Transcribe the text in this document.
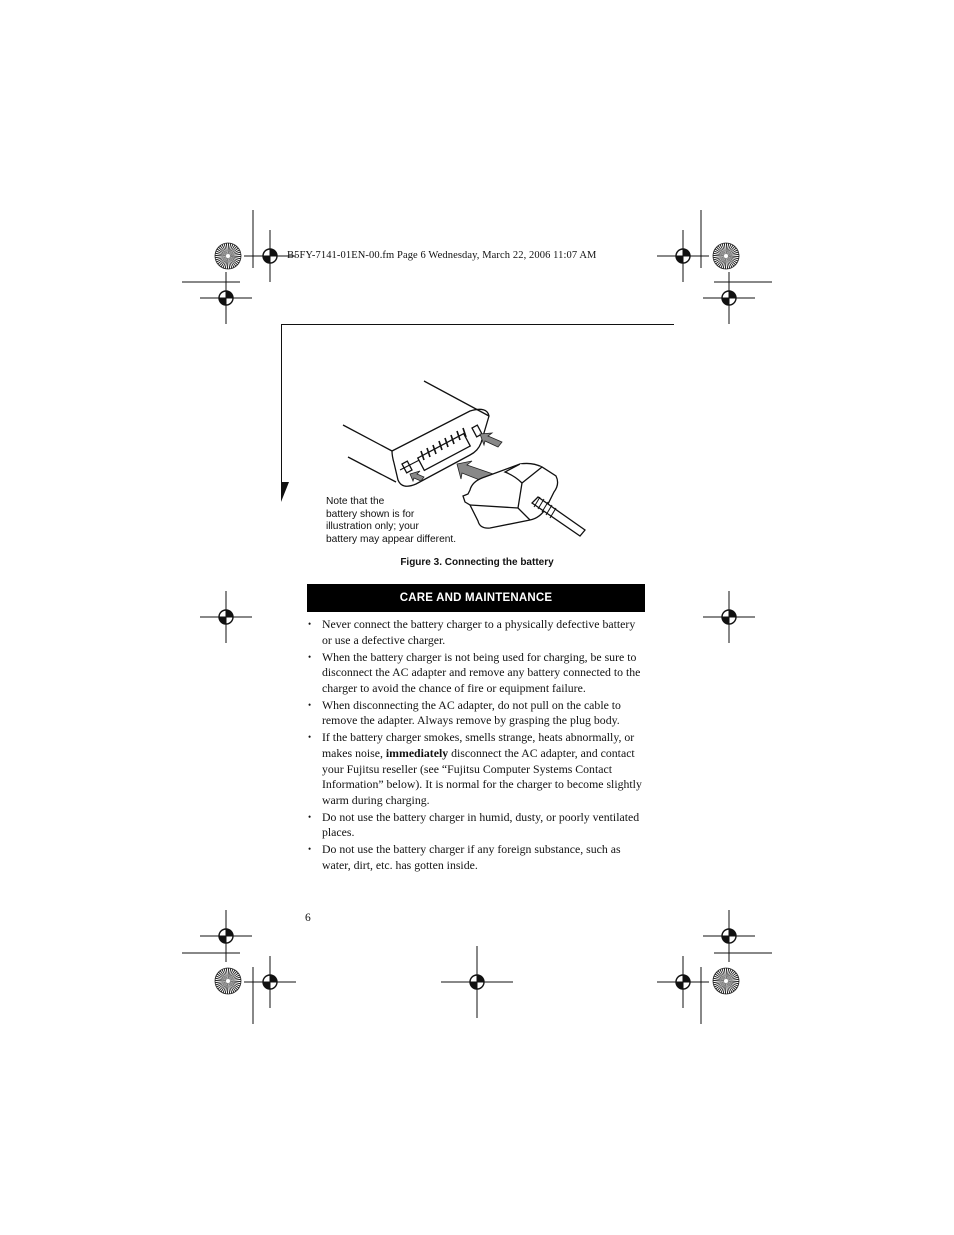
B5FY-7141-01EN-00.fm Page 6 Wednesday, March 22, 2006 11:07 AM
Note that the
battery shown is for
illustration only; your
battery may appear different.
Figure 3. Connecting the battery
CARE AND MAINTENANCE
• Never connect the battery charger to a physically defective battery or use a defective charger.
• When the battery charger is not being used for charging, be sure to disconnect the AC adapter and remove any battery connected to the charger to avoid the chance of fire or equipment failure.
• When disconnecting the AC adapter, do not pull on the cable to remove the adapter. Always remove by grasping the plug body.
• If the battery charger smokes, smells strange, heats abnormally, or makes noise, immediately disconnect the AC adapter, and contact your Fujitsu reseller (see “Fujitsu Computer Systems Contact Information” below). It is normal for the charger to become slightly warm during charging.
• Do not use the battery charger in humid, dusty, or poorly ventilated places.
• Do not use the battery charger if any foreign substance, such as water, dirt, etc. has gotten inside.
6
